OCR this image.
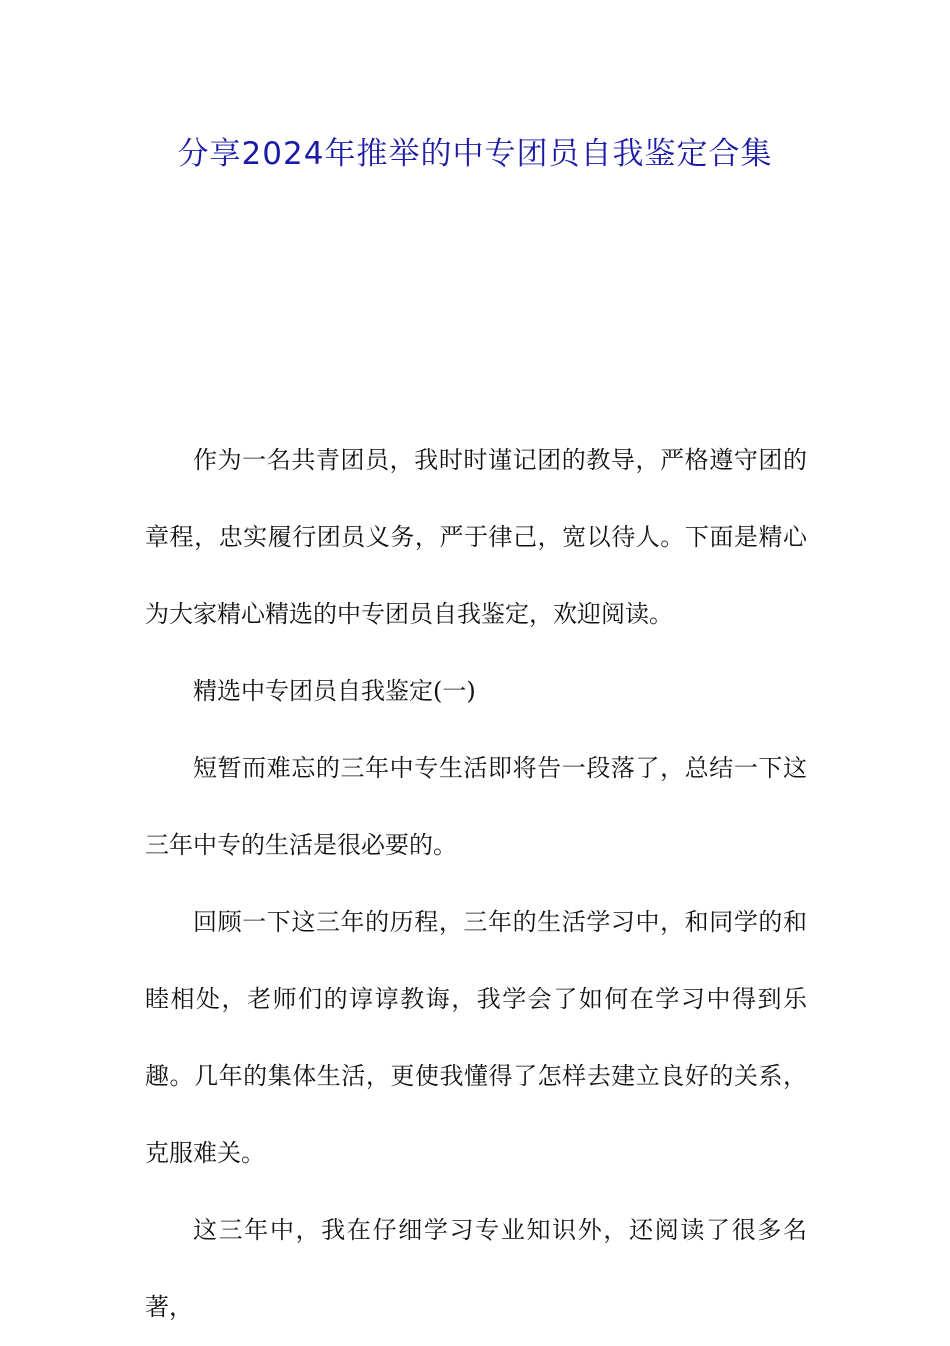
分享2024年推举的中专团员自我鉴定合集

作为一名共青团员，我时时谨记团的教导，严格遵守团的章程，忠实履行团员义务，严于律己，宽以待人。下面是精心为大家精心精选的中专团员自我鉴定，欢迎阅读。

精选中专团员自我鉴定(一)

短暂而难忘的三年中专生活即将告一段落了，总结一下这三年中专的生活是很必要的。

回顾一下这三年的历程，三年的生活学习中，和同学的和睦相处，老师们的谆谆教诲，我学会了如何在学习中得到乐趣。几年的集体生活，更使我懂得了怎样去建立良好的关系，克服难关。

这三年中，我在仔细学习专业知识外，还阅读了很多名著，
